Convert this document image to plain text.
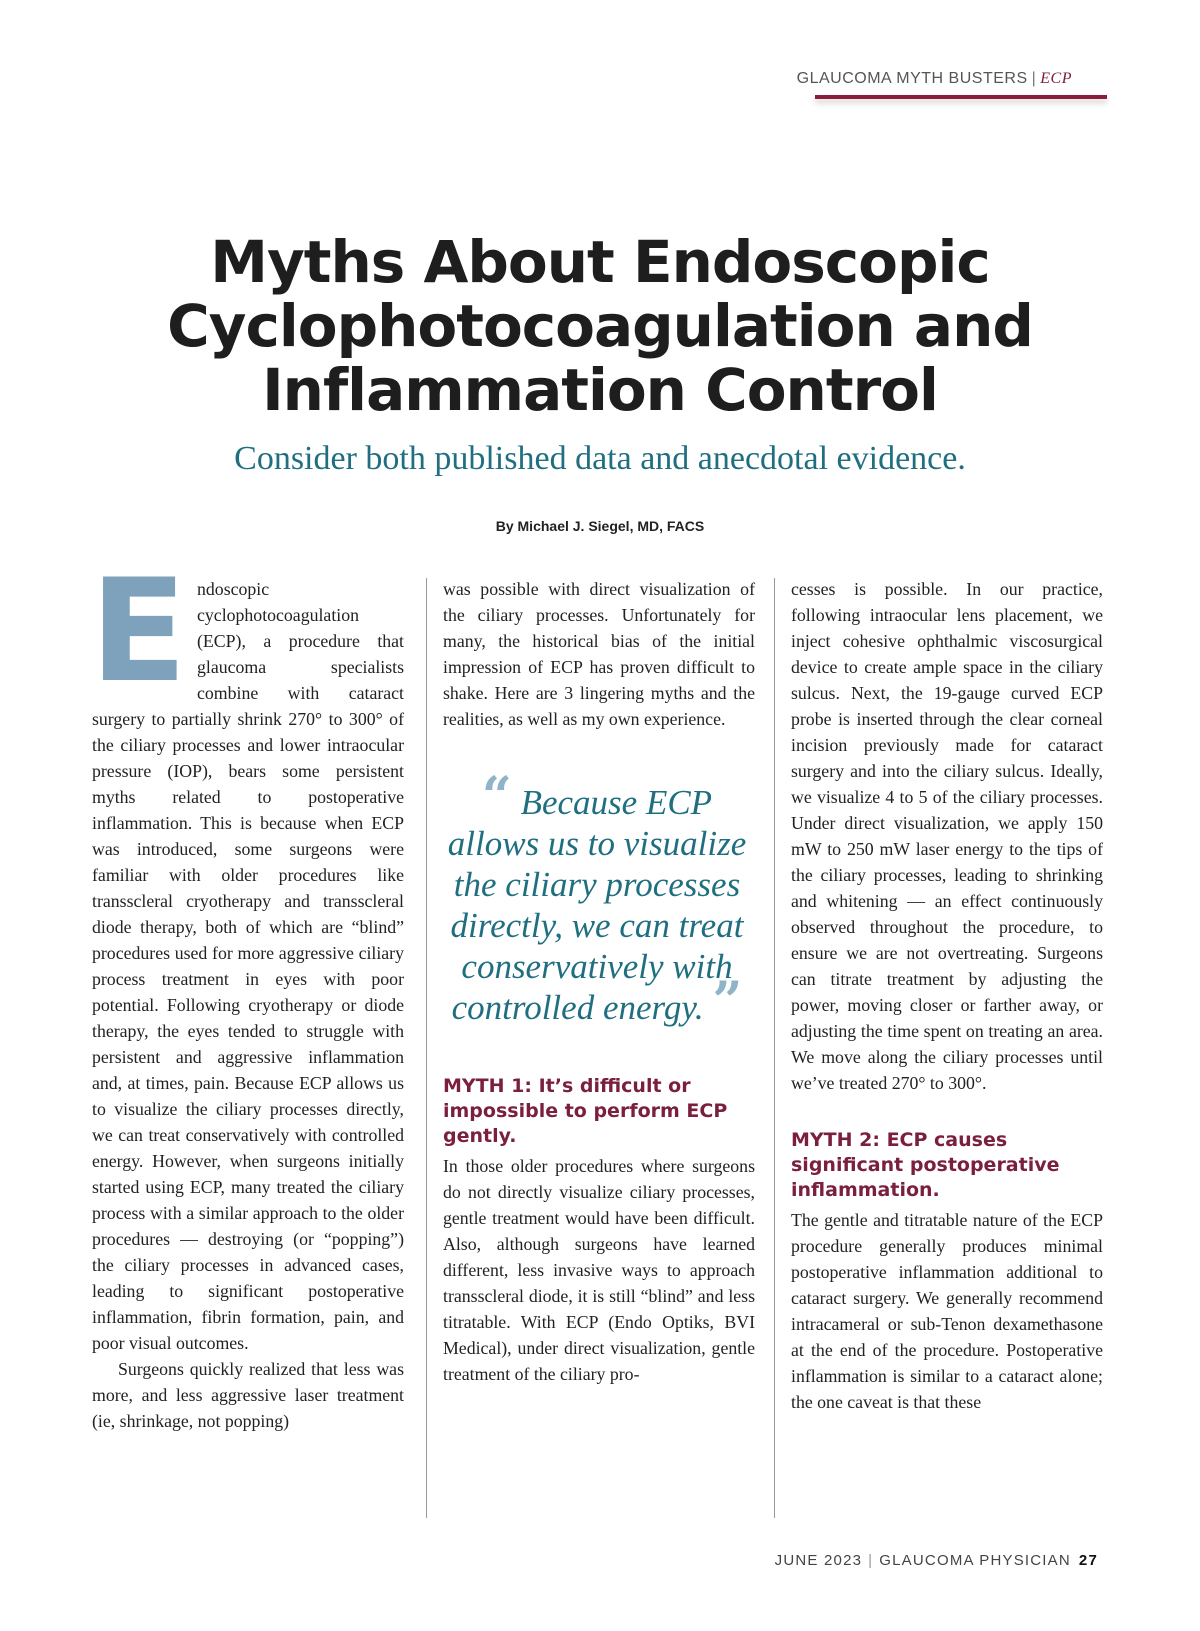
GLAUCOMA MYTH BUSTERS | ECP
Myths About Endoscopic
Cyclophotocoagulation and
Inflammation Control
Consider both published data and anecdotal evidence.
By Michael J. Siegel, MD, FACS

Endoscopic cyclophotocoagulation (ECP), a procedure that glaucoma specialists combine with cataract surgery to partially shrink 270° to 300° of the ciliary processes and lower intraocular pressure (IOP), bears some persistent myths related to postoperative inflammation. This is because when ECP was introduced, some surgeons were familiar with older procedures like transscleral cryotherapy and transscleral diode therapy, both of which are “blind” procedures used for more aggressive ciliary process treatment in eyes with poor potential. Following cryotherapy or diode therapy, the eyes tended to struggle with persistent and aggressive inflammation and, at times, pain. Because ECP allows us to visualize the ciliary processes directly, we can treat conservatively with controlled energy. However, when surgeons initially started using ECP, many treated the ciliary process with a similar approach to the older procedures — destroying (or “popping”) the ciliary processes in advanced cases, leading to significant postoperative inflammation, fibrin formation, pain, and poor visual outcomes.

Surgeons quickly realized that less was more, and less aggressive laser treatment (ie, shrinkage, not popping)

was possible with direct visualization of the ciliary processes. Unfortunately for many, the historical bias of the initial impression of ECP has proven difficult to shake. Here are 3 lingering myths and the realities, as well as my own experience.

“ Because ECP allows us to visualize the ciliary processes directly, we can treat conservatively with controlled energy. ”
MYTH 1: It’s difficult or impossible to perform ECP gently.

In those older procedures where surgeons do not directly visualize ciliary processes, gentle treatment would have been difficult. Also, although surgeons have learned different, less invasive ways to approach transscleral diode, it is still “blind” and less titratable. With ECP (Endo Optiks, BVI Medical), under direct visualization, gentle treatment of the ciliary pro-

cesses is possible. In our practice, following intraocular lens placement, we inject cohesive ophthalmic viscosurgical device to create ample space in the ciliary sulcus. Next, the 19-gauge curved ECP probe is inserted through the clear corneal incision previously made for cataract surgery and into the ciliary sulcus. Ideally, we visualize 4 to 5 of the ciliary processes. Under direct visualization, we apply 150 mW to 250 mW laser energy to the tips of the ciliary processes, leading to shrinking and whitening — an effect continuously observed throughout the procedure, to ensure we are not overtreating. Surgeons can titrate treatment by adjusting the power, moving closer or farther away, or adjusting the time spent on treating an area. We move along the ciliary processes until we’ve treated 270° to 300°.

MYTH 2: ECP causes significant postoperative inflammation.

The gentle and titratable nature of the ECP procedure generally produces minimal postoperative inflammation additional to cataract surgery. We generally recommend intracameral or sub-Tenon dexamethasone at the end of the procedure. Postoperative inflammation is similar to a cataract alone; the one caveat is that these

JUNE 2023 | GLAUCOMA PHYSICIAN 27
